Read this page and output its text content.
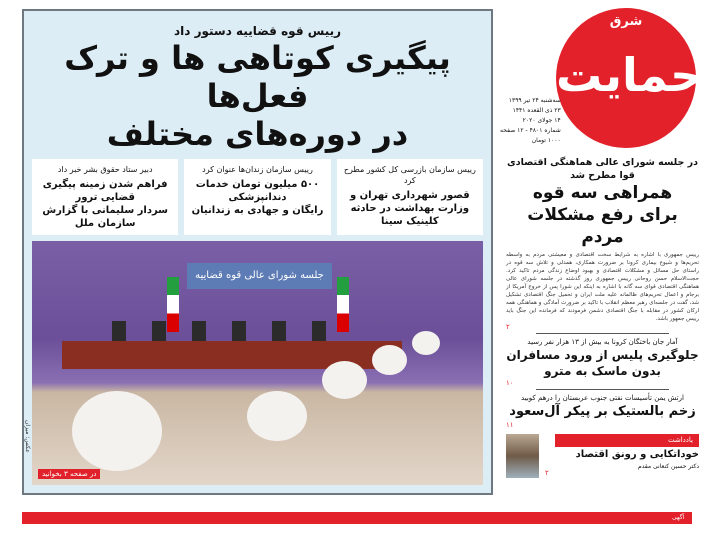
رییس قوه قضاییه دستور داد
پیگیری کوتاهی ها و ترک فعل‌ها
در دوره‌های مختلف
رییس سازمان بازرسی کل کشور مطرح کرد
قصور شهرداری تهران و
وزارت بهداشت در حادثه کلینیک سینا
رییس سازمان زندان‌ها عنوان کرد
۵۰۰ میلیون تومان خدمات دندانپزشکی
رایگان و جهادی به زندانیان
دبیر ستاد حقوق بشر خبر داد
فراهم شدن زمینه پیگیری قضایی ترور
سردار سلیمانی با گزارش سازمان ملل
جلسه شورای عالی قوه قضاییه
در صفحه ۳ بخوانید
عکس: میزان
شرق
حمایت
سه‌شنبه ۲۴ تیر ۱۳۹۹
۲۳ ذی القعده ۱۴۴۱
۱۴ جولای ۲۰۲۰
شماره ۴۸۰۱ - ۱۲ صفحه
۱۰۰۰ تومان
در جلسه شورای عالی هماهنگی اقتصادی قوا مطرح شد
همراهی سه قوه
برای رفع مشکلات مردم
رییس جمهوری با اشاره به شرایط سخت اقتصادی و معیشتی مردم به واسطه تحریم‌ها و شیوع بیماری کرونا بر ضرورت همکاری، همدلی و تلاش سه قوه در راستای حل مسائل و مشکلات اقتصادی و بهبود اوضاع زندگی مردم تاکید کرد. حجت‌الاسلام حسن روحانی رییس جمهوری روز گذشته در جلسه شورای عالی هماهنگی اقتصادی قوای سه گانه با اشاره به اینکه این شورا پس از خروج آمریکا از برجام و اعمال تحریم‌های ظالمانه علیه ملت ایران و تحمیل جنگ اقتصادی تشکیل شد، گفت در جلسه‌ای رهبر معظم انقلاب با تاکید بر ضرورت آمادگی و هماهنگی همه ارکان کشور در مقابله با جنگ اقتصادی دشمن فرمودند که فرمانده این جنگ باید رییس جمهور باشد.
۲
آمار جان باختگان کرونا به بیش از ۱۳ هزار نفر رسید
جلوگیری پلیس از ورود مسافران
بدون ماسک به مترو
۱۰
ارتش یمن تأسیسات نفتی جنوب عربستان را درهم کوبید
زخم بالستیک بر پیکر آل‌سعود
۱۱
یادداشت
خوداتکایی و رونق اقتصاد
دکتر حسین کنعانی مقدم
۲
آگهی
